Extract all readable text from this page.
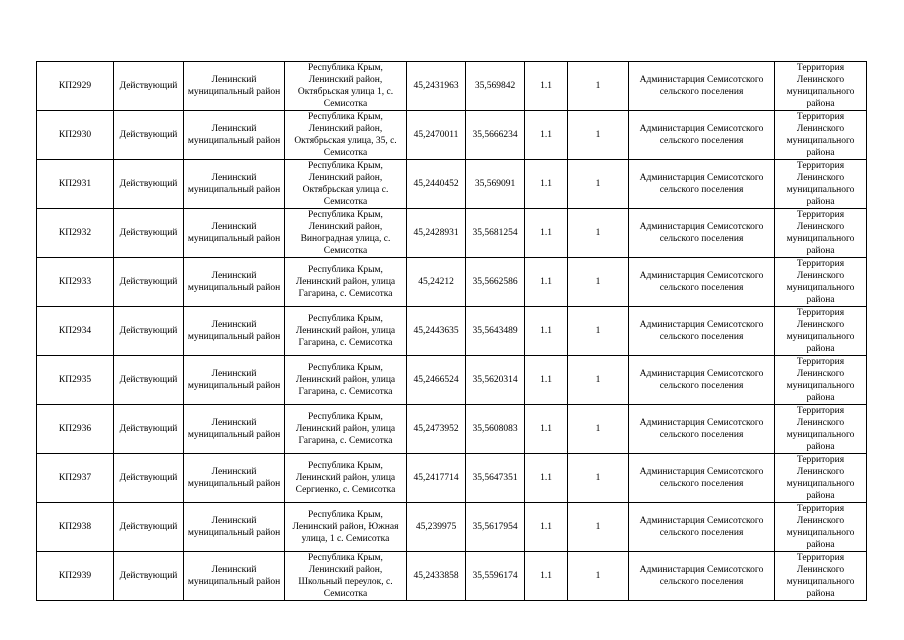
КП2929	Действующий	Ленинский муниципальный район	Республика Крым, Ленинский район, Октябрьская улица 1, с. Семисотка	45,2431963	35,569842	1.1	1	Администарция Семисотского сельского поселения	Территория Ленинского муниципального района
КП2930	Действующий	Ленинский муниципальный район	Республика Крым, Ленинский район, Октябрьская улица, 35, с. Семисотка	45,2470011	35,5666234	1.1	1	Администарция Семисотского сельского поселения	Территория Ленинского муниципального района
КП2931	Действующий	Ленинский муниципальный район	Республика Крым, Ленинский район, Октябрьская улица с. Семисотка	45,2440452	35,569091	1.1	1	Администарция Семисотского сельского поселения	Территория Ленинского муниципального района
КП2932	Действующий	Ленинский муниципальный район	Республика Крым, Ленинский район, Виноградная улица, с. Семисотка	45,2428931	35,5681254	1.1	1	Администарция Семисотского сельского поселения	Территория Ленинского муниципального района
КП2933	Действующий	Ленинский муниципальный район	Республика Крым, Ленинский район, улица Гагарина, с. Семисотка	45,24212	35,5662586	1.1	1	Администарция Семисотского сельского поселения	Территория Ленинского муниципального района
КП2934	Действующий	Ленинский муниципальный район	Республика Крым, Ленинский район, улица Гагарина, с. Семисотка	45,2443635	35,5643489	1.1	1	Администарция Семисотского сельского поселения	Территория Ленинского муниципального района
КП2935	Действующий	Ленинский муниципальный район	Республика Крым, Ленинский район, улица Гагарина, с. Семисотка	45,2466524	35,5620314	1.1	1	Администарция Семисотского сельского поселения	Территория Ленинского муниципального района
КП2936	Действующий	Ленинский муниципальный район	Республика Крым, Ленинский район, улица Гагарина, с. Семисотка	45,2473952	35,5608083	1.1	1	Администарция Семисотского сельского поселения	Территория Ленинского муниципального района
КП2937	Действующий	Ленинский муниципальный район	Республика Крым, Ленинский район, улица Сергиенко, с. Семисотка	45,2417714	35,5647351	1.1	1	Администарция Семисотского сельского поселения	Территория Ленинского муниципального района
КП2938	Действующий	Ленинский муниципальный район	Республика Крым, Ленинский район, Южная улица, 1 с. Семисотка	45,239975	35,5617954	1.1	1	Администарция Семисотского сельского поселения	Территория Ленинского муниципального района
КП2939	Действующий	Ленинский муниципальный район	Республика Крым, Ленинский район, Школьный переулок, с. Семисотка	45,2433858	35,5596174	1.1	1	Администарция Семисотского сельского поселения	Территория Ленинского муниципального района
